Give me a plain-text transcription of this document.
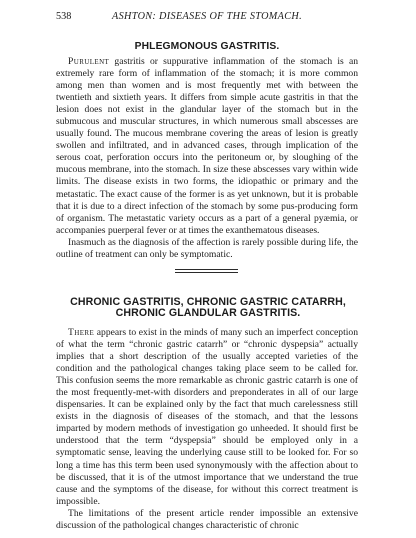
538	ASHTON: DISEASES OF THE STOMACH.
PHLEGMONOUS GASTRITIS.

Purulent gastritis or suppurative inflammation of the stomach is an extremely rare form of inflammation of the stomach; it is more common among men than women and is most frequently met with between the twentieth and sixtieth years. It differs from simple acute gastritis in that the lesion does not exist in the glandular layer of the stomach but in the submucous and muscular structures, in which numerous small abscesses are usually found. The mucous membrane covering the areas of lesion is greatly swollen and infiltrated, and in advanced cases, through implication of the serous coat, perforation occurs into the peritoneum or, by sloughing of the mucous membrane, into the stomach. In size these abscesses vary within wide limits. The disease exists in two forms, the idiopathic or primary and the metastatic. The exact cause of the former is as yet unknown, but it is probable that it is due to a direct infection of the stomach by some pus-producing form of organism. The metastatic variety occurs as a part of a general pyæmia, or accompanies puerperal fever or at times the exanthematous diseases.

Inasmuch as the diagnosis of the affection is rarely possible during life, the outline of treatment can only be symptomatic.

CHRONIC GASTRITIS, CHRONIC GASTRIC CATARRH,
CHRONIC GLANDULAR GASTRITIS.

There appears to exist in the minds of many such an imperfect conception of what the term “chronic gastric catarrh” or “chronic dyspepsia” actually implies that a short description of the usually accepted varieties of the condition and the pathological changes taking place seem to be called for. This confusion seems the more remarkable as chronic gastric catarrh is one of the most frequently-met-with disorders and preponderates in all of our large dispensaries. It can be explained only by the fact that much carelessness still exists in the diagnosis of diseases of the stomach, and that the lessons imparted by modern methods of investigation go unheeded. It should first be understood that the term “dyspepsia” should be employed only in a symptomatic sense, leaving the underlying cause still to be looked for. For so long a time has this term been used synonymously with the affection about to be discussed, that it is of the utmost importance that we understand the true cause and the symptoms of the disease, for without this correct treatment is impossible.

The limitations of the present article render impossible an extensive discussion of the pathological changes characteristic of chronic
